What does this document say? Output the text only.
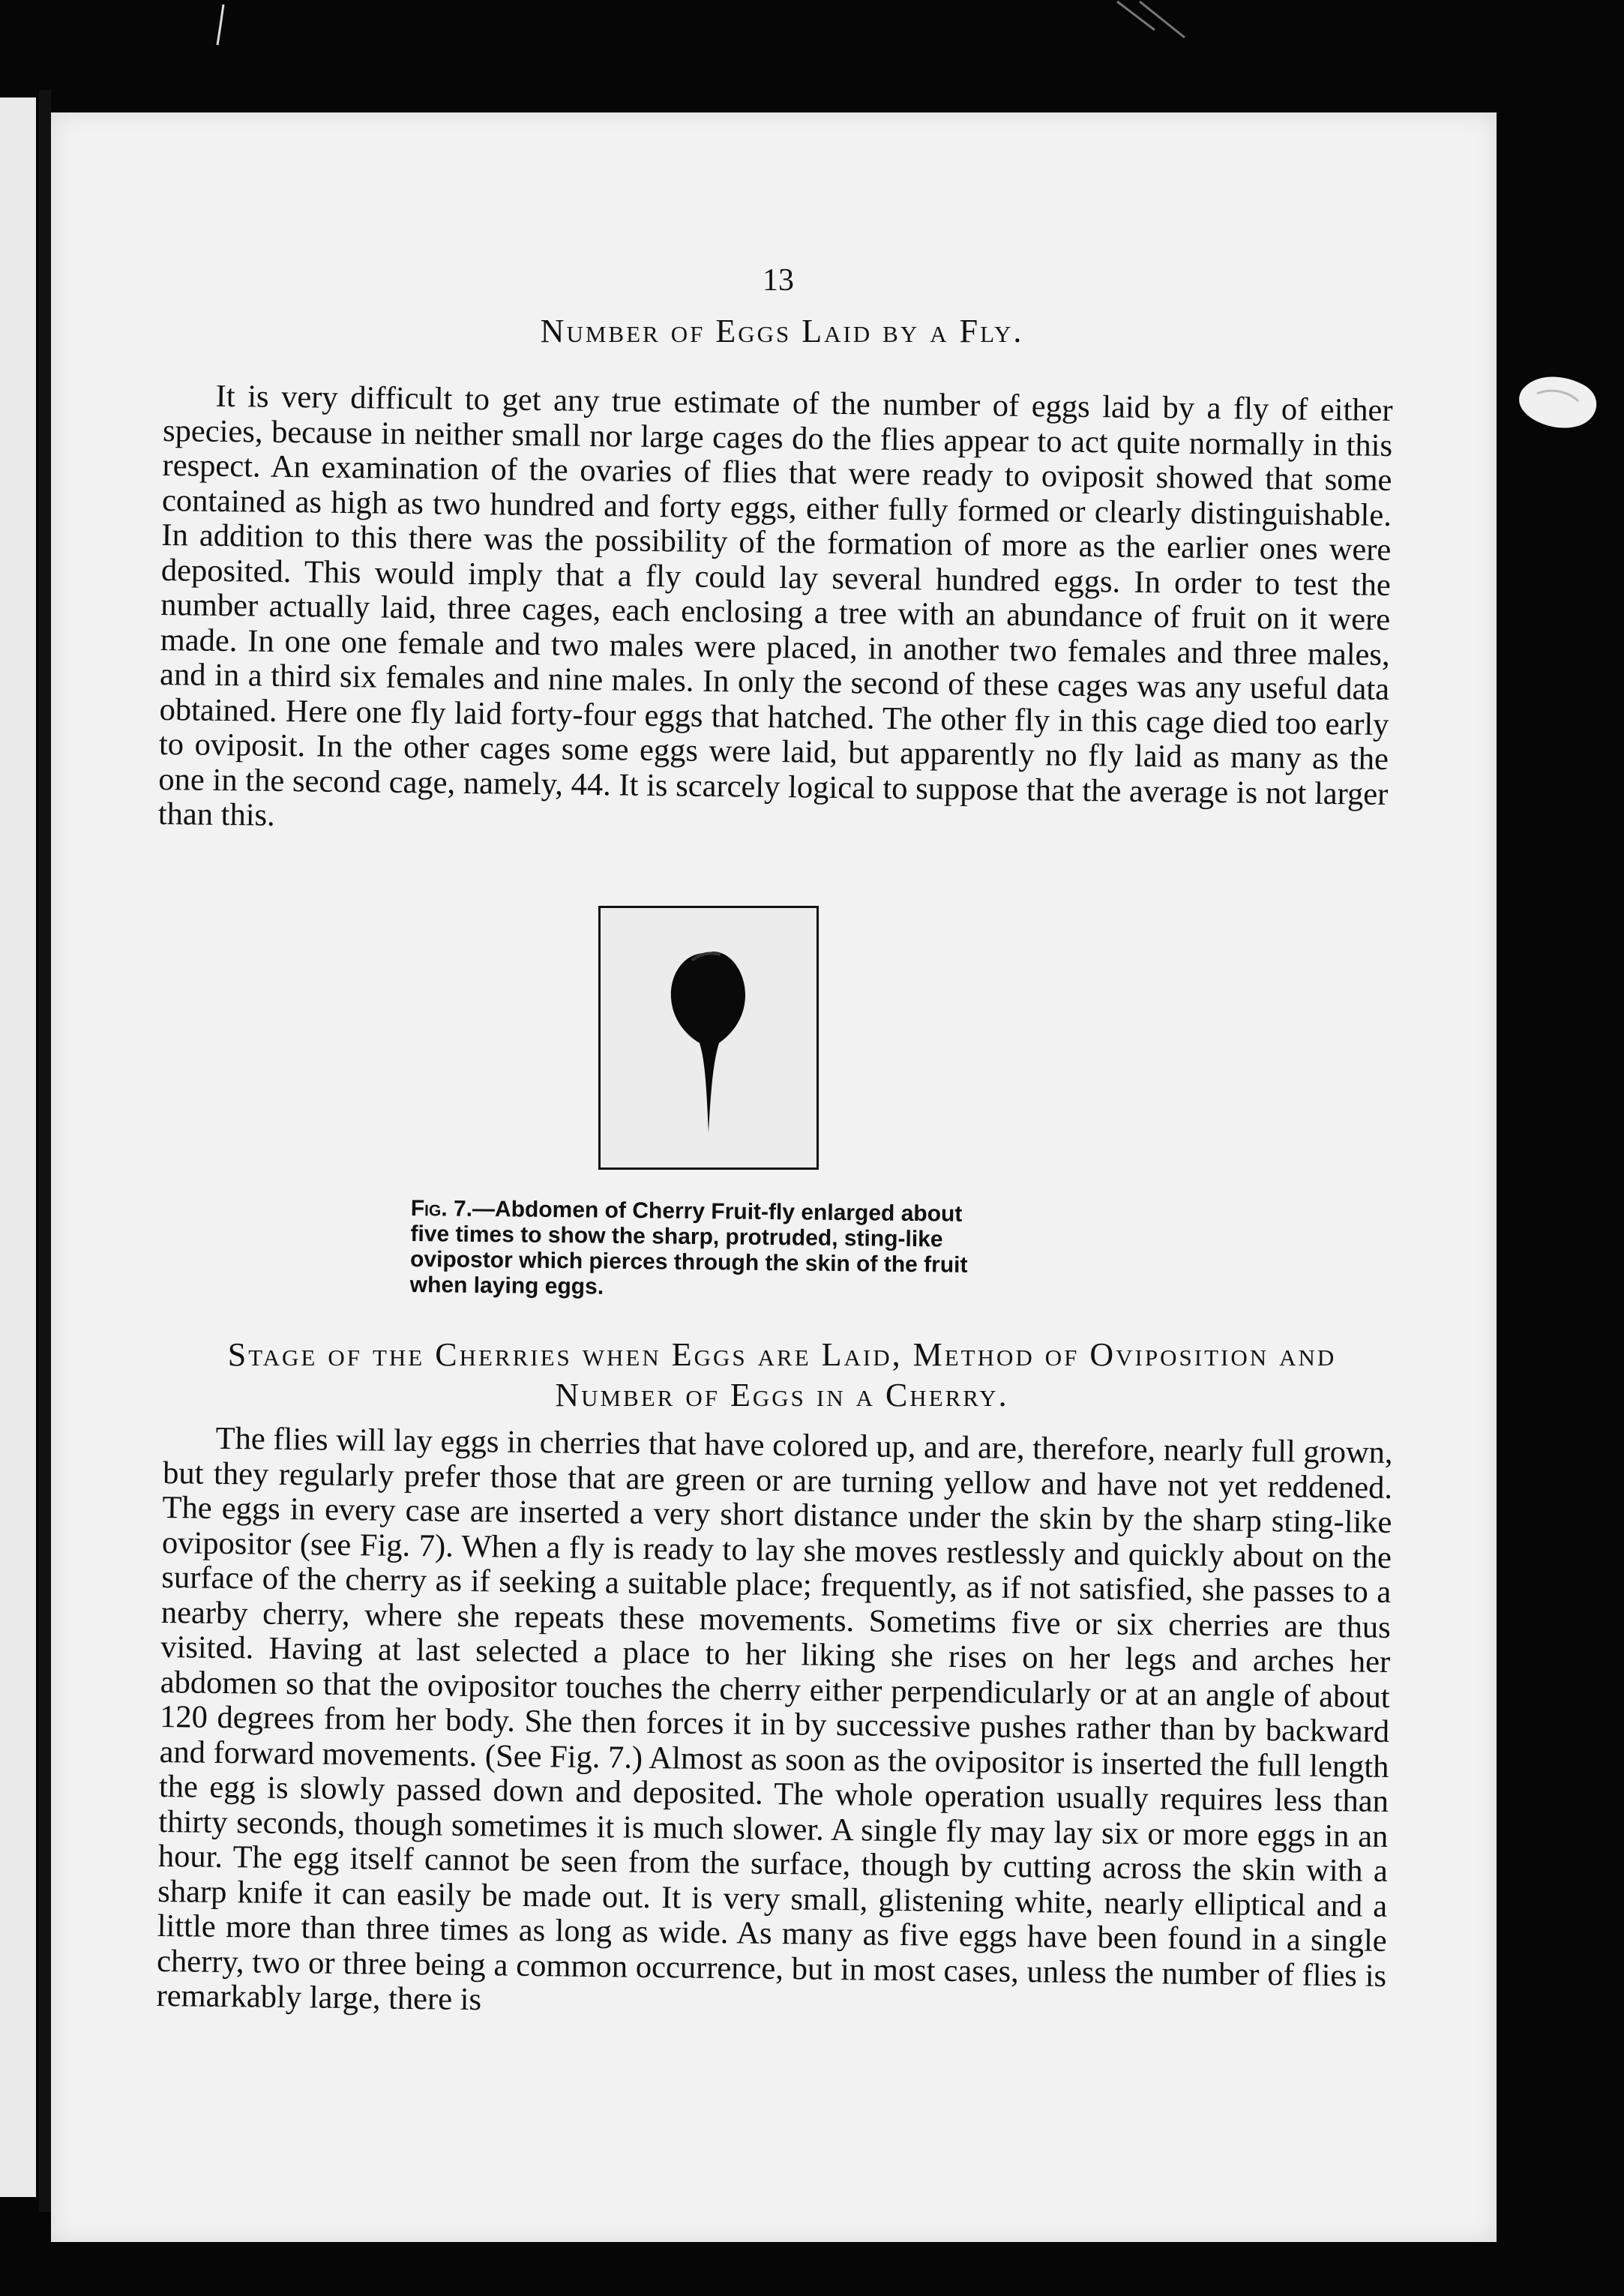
13
Number of Eggs Laid by a Fly.
It is very difficult to get any true estimate of the number of eggs laid by a fly of either species, because in neither small nor large cages do the flies appear to act quite normally in this respect. An examination of the ovaries of flies that were ready to oviposit showed that some contained as high as two hundred and forty eggs, either fully formed or clearly distinguishable. In addition to this there was the possibility of the formation of more as the earlier ones were deposited. This would imply that a fly could lay several hundred eggs. In order to test the number actually laid, three cages, each enclosing a tree with an abundance of fruit on it were made. In one one female and two males were placed, in another two females and three males, and in a third six females and nine males. In only the second of these cages was any useful data obtained. Here one fly laid forty-four eggs that hatched. The other fly in this cage died too early to oviposit. In the other cages some eggs were laid, but apparently no fly laid as many as the one in the second cage, namely, 44. It is scarcely logical to suppose that the average is not larger than this.
Fig. 7.—Abdomen of Cherry Fruit-fly enlarged about five times to show the sharp, protruded, sting-like ovipostor which pierces through the skin of the fruit when laying eggs.
Stage of the Cherries when Eggs are Laid, Method of Oviposition and Number of Eggs in a Cherry.
The flies will lay eggs in cherries that have colored up, and are, therefore, nearly full grown, but they regularly prefer those that are green or are turning yellow and have not yet reddened. The eggs in every case are inserted a very short distance under the skin by the sharp sting-like ovipositor (see Fig. 7). When a fly is ready to lay she moves restlessly and quickly about on the surface of the cherry as if seeking a suitable place; frequently, as if not satisfied, she passes to a nearby cherry, where she repeats these movements. Sometims five or six cherries are thus visited. Having at last selected a place to her liking she rises on her legs and arches her abdomen so that the ovipositor touches the cherry either perpendicularly or at an angle of about 120 degrees from her body. She then forces it in by successive pushes rather than by backward and forward movements. (See Fig. 7.) Almost as soon as the ovipositor is inserted the full length the egg is slowly passed down and deposited. The whole operation usually requires less than thirty seconds, though sometimes it is much slower. A single fly may lay six or more eggs in an hour. The egg itself cannot be seen from the surface, though by cutting across the skin with a sharp knife it can easily be made out. It is very small, glistening white, nearly elliptical and a little more than three times as long as wide. As many as five eggs have been found in a single cherry, two or three being a common occurrence, but in most cases, unless the number of flies is remarkably large, there is
